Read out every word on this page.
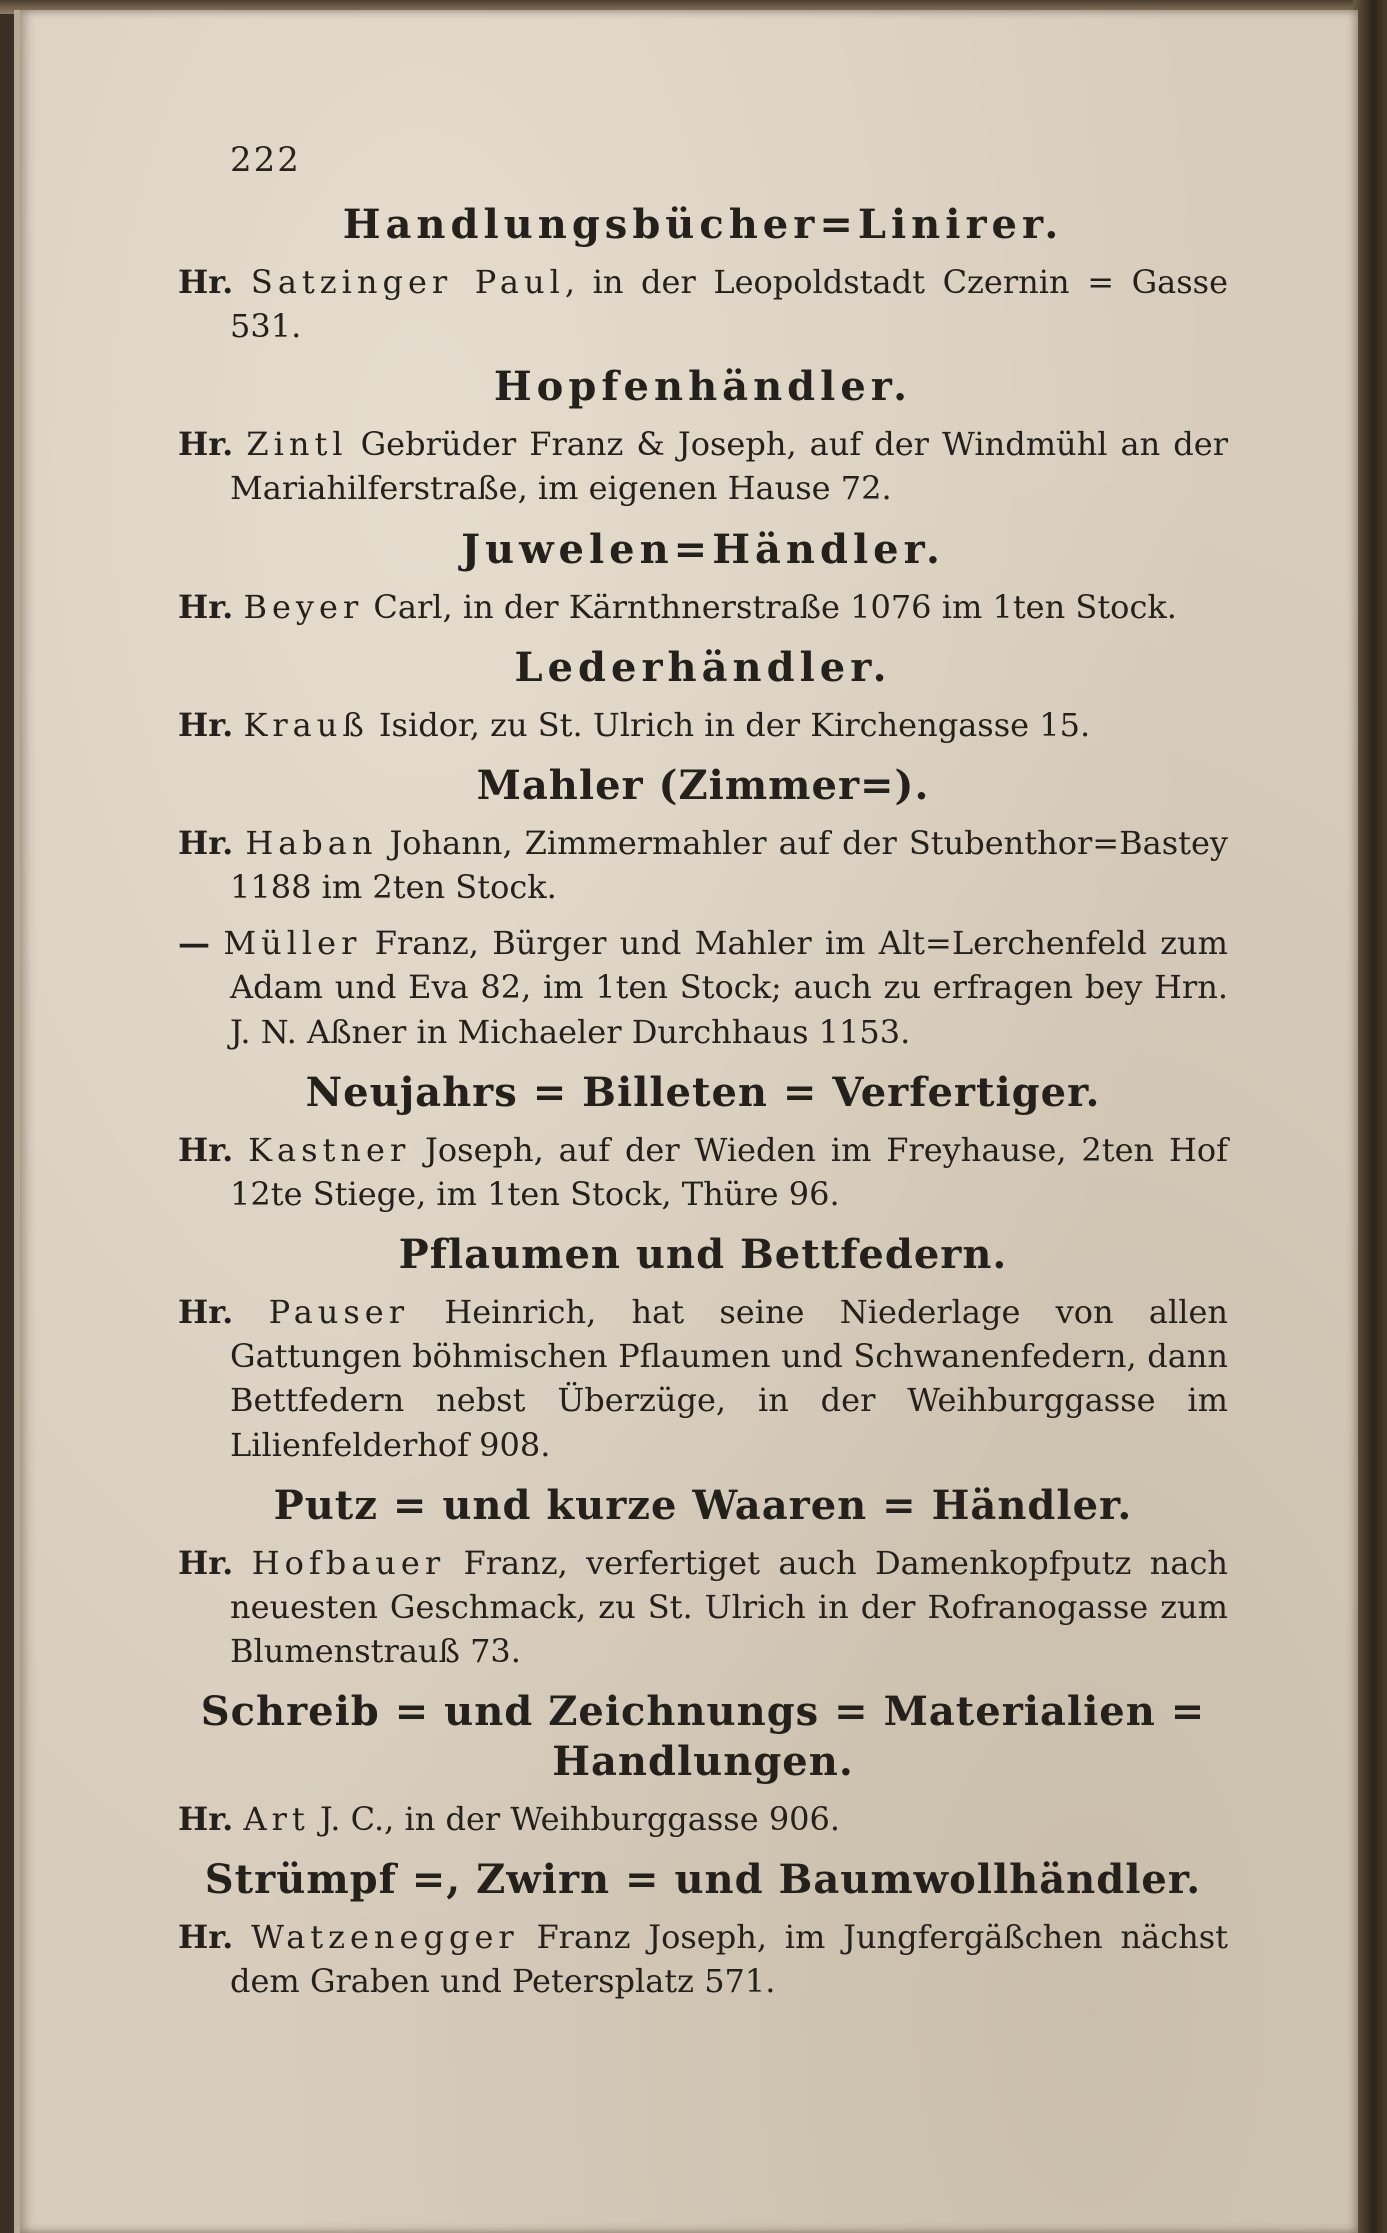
222
Handlungsbücher=Linirer.
Hr. Satzinger Paul, in der Leopoldstadt Czernin = Gasse 531.
Hopfenhändler.
Hr. Zintl Gebrüder Franz & Joseph, auf der Windmühl an der Mariahilferstraße, im eigenen Hause 72.
Juwelen=Händler.
Hr. Beyer Carl, in der Kärnthnerstraße 1076 im 1ten Stock.
Lederhändler.
Hr. Krauß Isidor, zu St. Ulrich in der Kirchengasse 15.
Mahler (Zimmer=).
Hr. Haban Johann, Zimmermahler auf der Stubenthor=Bastey 1188 im 2ten Stock.
— Müller Franz, Bürger und Mahler im Alt=Lerchenfeld zum Adam und Eva 82, im 1ten Stock; auch zu erfragen bey Hrn. J. N. Aßner in Michaeler Durchhaus 1153.
Neujahrs = Billeten = Verfertiger.
Hr. Kastner Joseph, auf der Wieden im Freyhause, 2ten Hof 12te Stiege, im 1ten Stock, Thüre 96.
Pflaumen und Bettfedern.
Hr. Pauser Heinrich, hat seine Niederlage von allen Gattungen böhmischen Pflaumen und Schwanenfedern, dann Bettfedern nebst Überzüge, in der Weihburggasse im Lilienfelderhof 908.
Putz = und kurze Waaren = Händler.
Hr. Hofbauer Franz, verfertiget auch Damenkopfputz nach neuesten Geschmack, zu St. Ulrich in der Rofranogasse zum Blumenstrauß 73.
Schreib = und Zeichnungs = Materialien = Handlungen.
Hr. Art J. C., in der Weihburggasse 906.
Strümpf =, Zwirn = und Baumwollhändler.
Hr. Watzenegger Franz Joseph, im Jungfergäßchen nächst dem Graben und Petersplatz 571.
